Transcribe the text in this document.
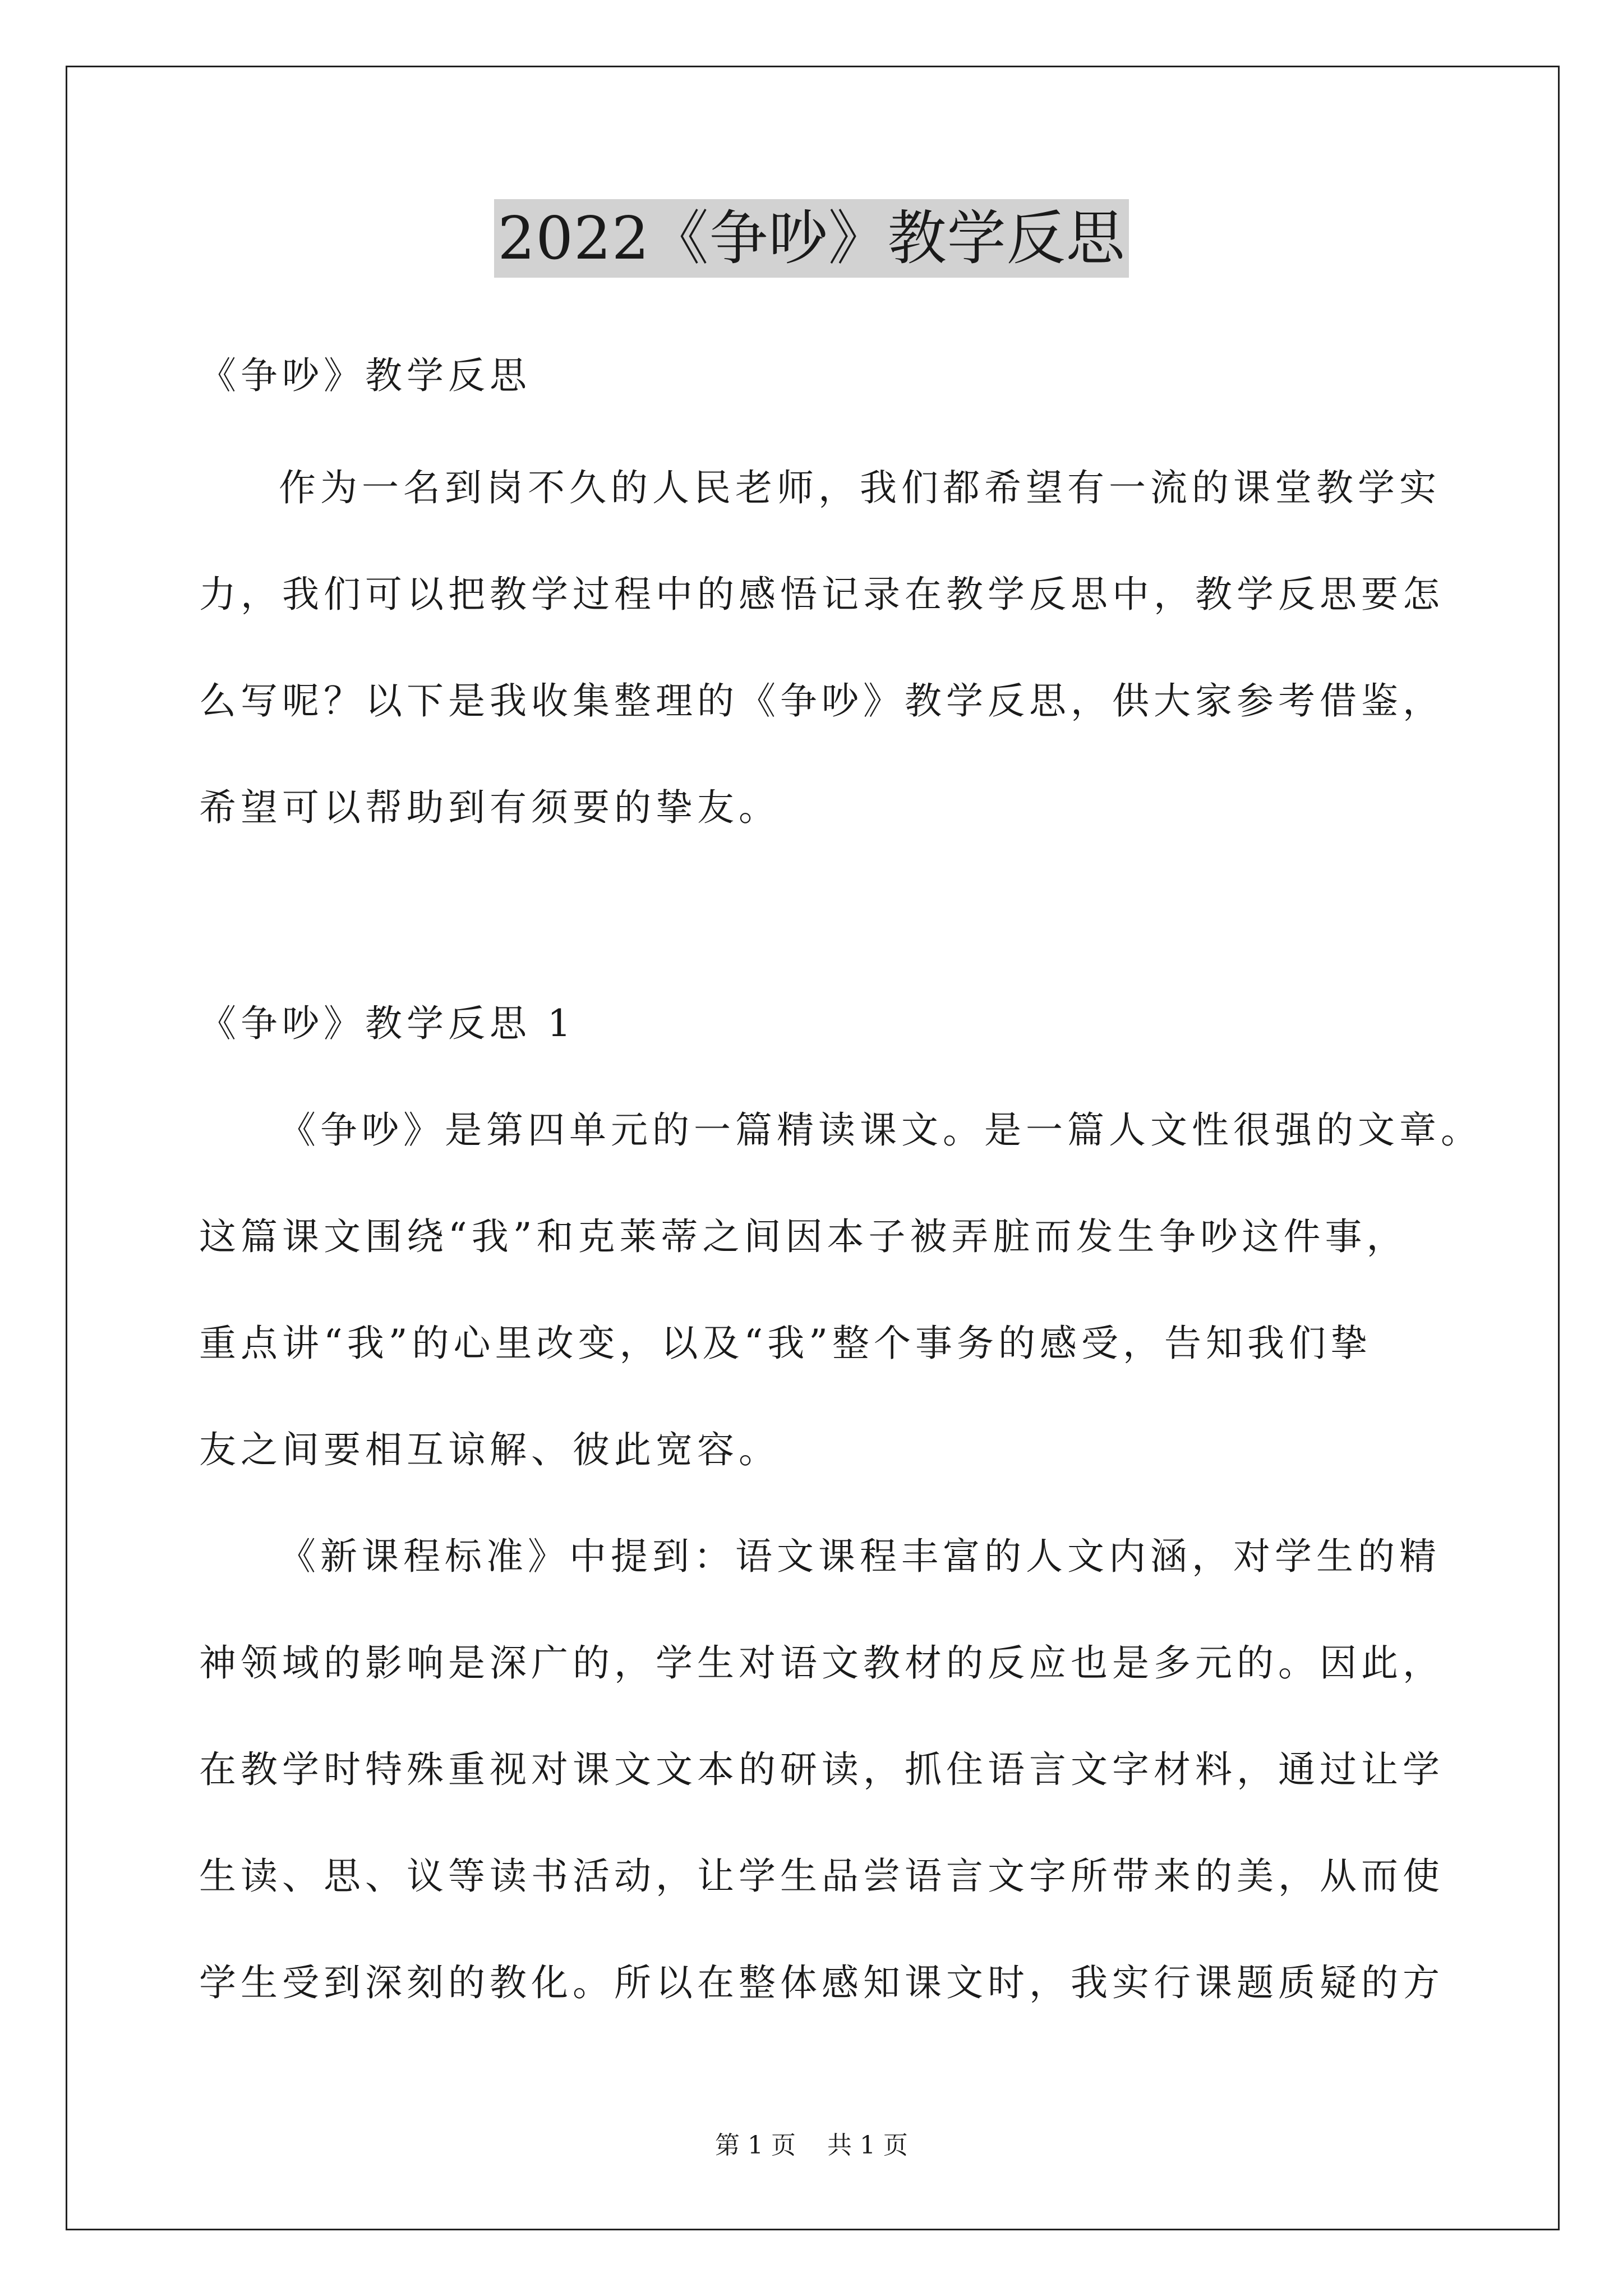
2022《争吵》教学反思
《争吵》教学反思
作为一名到岗不久的人民老师，我们都希望有一流的课堂教学实
力，我们可以把教学过程中的感悟记录在教学反思中，教学反思要怎
么写呢？以下是我收集整理的《争吵》教学反思，供大家参考借鉴，
希望可以帮助到有须要的挚友。
《争吵》教学反思 1
《争吵》是第四单元的一篇精读课文。是一篇人文性很强的文章。
这篇课文围绕“我”和克莱蒂之间因本子被弄脏而发生争吵这件事，
重点讲“我”的心里改变，以及“我”整个事务的感受，告知我们挚
友之间要相互谅解、彼此宽容。
《新课程标准》中提到：语文课程丰富的人文内涵，对学生的精
神领域的影响是深广的，学生对语文教材的反应也是多元的。因此，
在教学时特殊重视对课文文本的研读，抓住语言文字材料，通过让学
生读、思、议等读书活动，让学生品尝语言文字所带来的美，从而使
学生受到深刻的教化。所以在整体感知课文时，我实行课题质疑的方
第 1 页    共 1 页
